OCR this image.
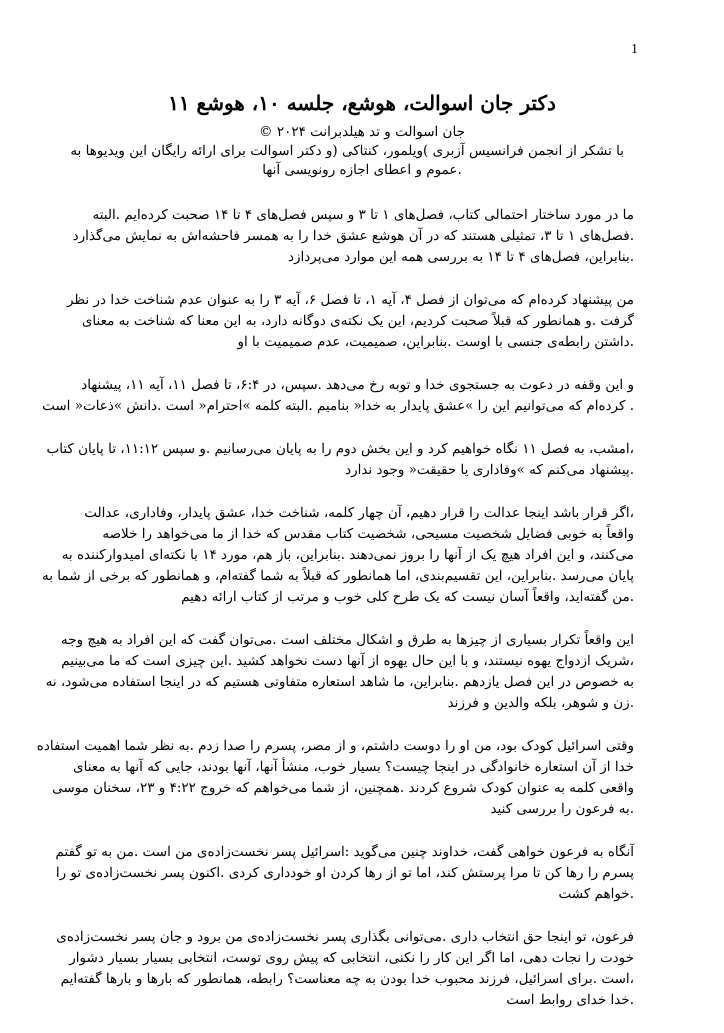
1
دکتر جان اسوالت، هوشع، جلسه ۱۰، هوشع ۱۱
جان اسوالت و تد هیلدبرانت ۲۰۲۴ ©
با تشکر از انجمن فرانسیس آزبری )ویلمور، کنتاکی (و دکتر اسوالت برای ارائه رایگان این ویدیوها به
.عموم و اعطای اجازه رونویسی آنها
ما در مورد ساختار احتمالی کتاب، فصل‌های ۱ تا ۳ و سپس فصل‌های ۴ تا ۱۴ صحبت کرده‌ایم .البته
.فصل‌های ۱ تا ۳، تمثیلی هستند که در آن هوشع عشق خدا را به همسر فاحشه‌اش به نمایش می‌گذارد
.بنابراین، فصل‌های ۴ تا ۱۴ به بررسی همه این موارد می‌پردازد
من پیشنهاد کرده‌ام که می‌توان از فصل ۴، آیه ۱، تا فصل ۶، آیه ۳ را به عنوان عدم شناخت خدا در نظر
گرفت .و همانطور که قبلاً صحبت کردیم، این یک نکته‌ی دوگانه دارد، به این معنا که شناخت به معنای
.داشتن رابطه‌ی جنسی با اوست .بنابراین، صمیمیت، عدم صمیمیت با او
و این وقفه در دعوت به جستجوی خدا و توبه رخ می‌دهد .سپس، در ۶:۴، تا فصل ۱۱، آیه ۱۱، پیشنهاد
. کرده‌ام که می‌توانیم این را »عشق پایدار به خدا« بنامیم .البته کلمه »احترام« است .دانش »ذعات« است
،امشب، به فصل ۱۱ نگاه خواهیم کرد و این بخش دوم را به پایان می‌رسانیم .و سپس ۱۱:۱۲، تا پایان کتاب
.پیشنهاد می‌کنم که »وفاداری یا حقیقت« وجود ندارد
،اگر قرار باشد اینجا عدالت را قرار دهیم، آن چهار کلمه، شناخت خدا، عشق پایدار، وفاداری، عدالت
واقعاً به خوبی فضایل شخصیت مسیحی، شخصیت کتاب مقدس که خدا از ما می‌خواهد را خلاصه
می‌کنند، و این افراد هیچ یک از آنها را بروز نمی‌دهند .بنابراین، باز هم، مورد ۱۴ با نکته‌ای امیدوارکننده به
پایان می‌رسد .بنابراین، این تقسیم‌بندی، اما همانطور که قبلاً به شما گفته‌ام، و همانطور که برخی از شما به
.من گفته‌اید، واقعاً آسان نیست که یک طرح کلی خوب و مرتب از کتاب ارائه دهیم
این واقعاً تکرار بسیاری از چیزها به طرق و اشکال مختلف است .می‌توان گفت که این افراد به هیچ وجه
،شریک ازدواج یهوه نیستند، و با این حال یهوه از آنها دست نخواهد کشید .این چیزی است که ما می‌بینیم
به خصوص در این فصل یازدهم .بنابراین، ما شاهد استعاره متفاوتی هستیم که در اینجا استفاده می‌شود، نه
.زن و شوهر، بلکه والدین و فرزند
وقتی اسرائیل کودک بود، من او را دوست داشتم، و از مصر، پسرم را صدا زدم .به نظر شما اهمیت استفاده
خدا از آن استعاره خانوادگی در اینجا چیست؟ بسیار خوب، منشأ آنها، آنها بودند، جایی که آنها به معنای
واقعی کلمه به عنوان کودک شروع کردند .همچنین، از شما می‌خواهم که خروج ۴:۲۲ و ۲۳، سخنان موسی
.به فرعون را بررسی کنید
آنگاه به فرعون خواهی گفت، خداوند چنین می‌گوید :اسرائیل پسر نخست‌زاده‌ی من است .من به تو گفتم
پسرم را رها کن تا مرا پرستش کند، اما تو از رها کردن او خودداری کردی .اکنون پسر نخست‌زاده‌ی تو را
.خواهم کشت
فرعون، تو اینجا حق انتخاب داری .می‌توانی بگذاری پسر نخست‌زاده‌ی من برود و جان پسر نخست‌زاده‌ی
خودت را نجات دهی، اما اگر این کار را نکنی، انتخابی که پیش روی توست، انتخابی بسیار بسیار دشوار
،است .برای اسرائیل، فرزند محبوب خدا بودن به چه معناست؟ رابطه، همانطور که بارها و بارها گفته‌ایم
.خدا خدای روابط است
